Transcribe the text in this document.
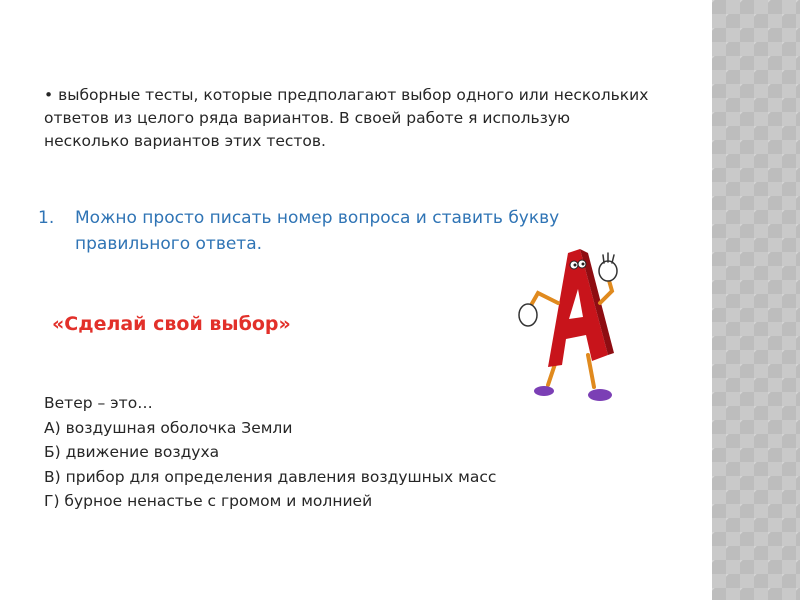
• выборные тесты, которые предполагают выбор одного или нескольких ответов из целого ряда вариантов. В своей работе я использую несколько вариантов этих тестов.

1.	Можно просто писать номер вопроса и ставить букву правильного ответа.
«Сделай свой выбор»
Ветер – это…
А) воздушная оболочка Земли
Б) движение воздуха
В) прибор для определения давления воздушных масс
Г) бурное ненастье с громом и молнией
